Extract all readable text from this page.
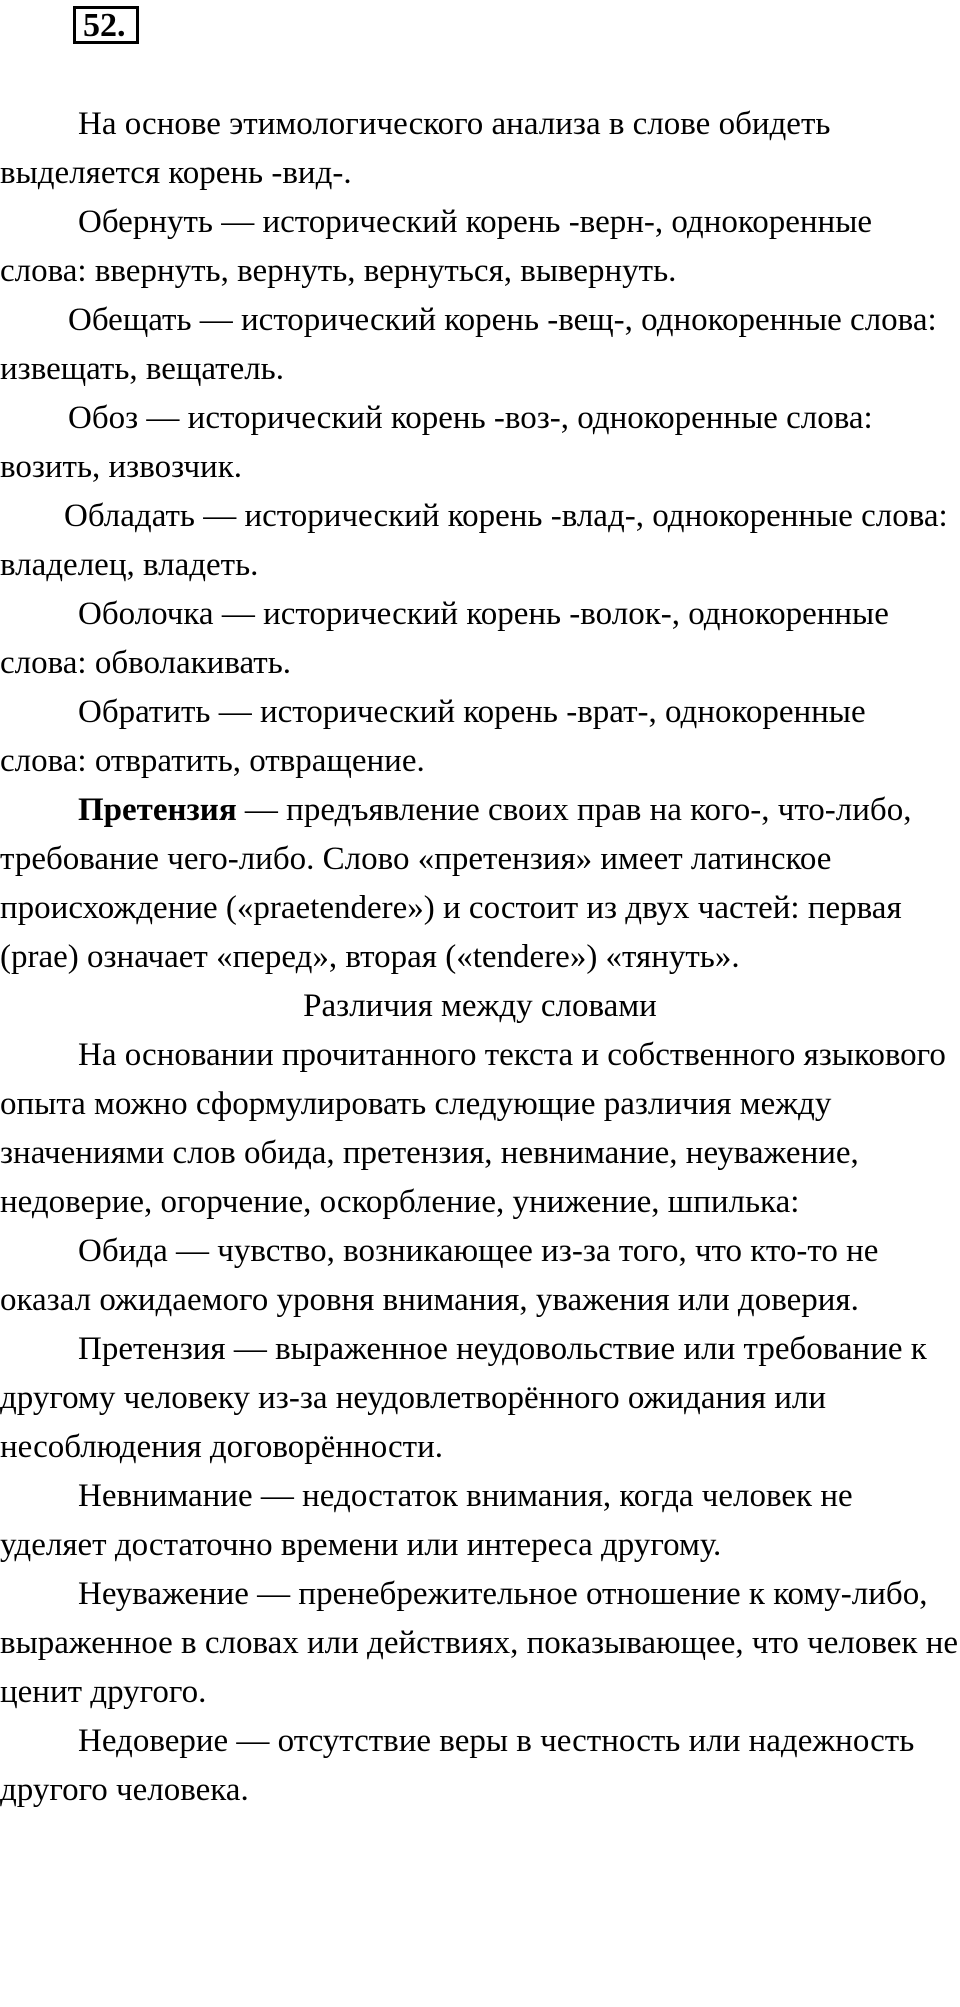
52.

На основе этимологического анализа в слове обидеть выделяется корень -вид-.

Обернуть — исторический корень -верн-, однокоренные слова: ввернуть, вернуть, вернуться, вывернуть.

Обещать — исторический корень -вещ-, однокоренные слова: извещать, вещатель.

Обоз — исторический корень -воз-, однокоренные слова: возить, извозчик.

Обладать — исторический корень -влад-, однокоренные слова: владелец, владеть.

Оболочка — исторический корень -волок-, однокоренные слова: обволакивать.

Обратить — исторический корень -врат-, однокоренные слова: отвратить, отвращение.

Претензия — предъявление своих прав на кого-, что-либо, требование чего-либо. Слово «претензия» имеет латинское происхождение («praetendere») и состоит из двух частей: первая (prae) означает «перед», вторая («tendere») «тянуть».

Различия между словами

На основании прочитанного текста и собственного языкового опыта можно сформулировать следующие различия между значениями слов обида, претензия, невнимание, неуважение, недоверие, огорчение, оскорбление, унижение, шпилька:

Обида — чувство, возникающее из-за того, что кто-то не оказал ожидаемого уровня внимания, уважения или доверия.

Претензия — выраженное неудовольствие или требование к другому человеку из-за неудовлетворённого ожидания или несоблюдения договорённости.

Невнимание — недостаток внимания, когда человек не уделяет достаточно времени или интереса другому.

Неуважение — пренебрежительное отношение к кому-либо, выраженное в словах или действиях, показывающее, что человек не ценит другого.

Недоверие — отсутствие веры в честность или надежность другого человека.
